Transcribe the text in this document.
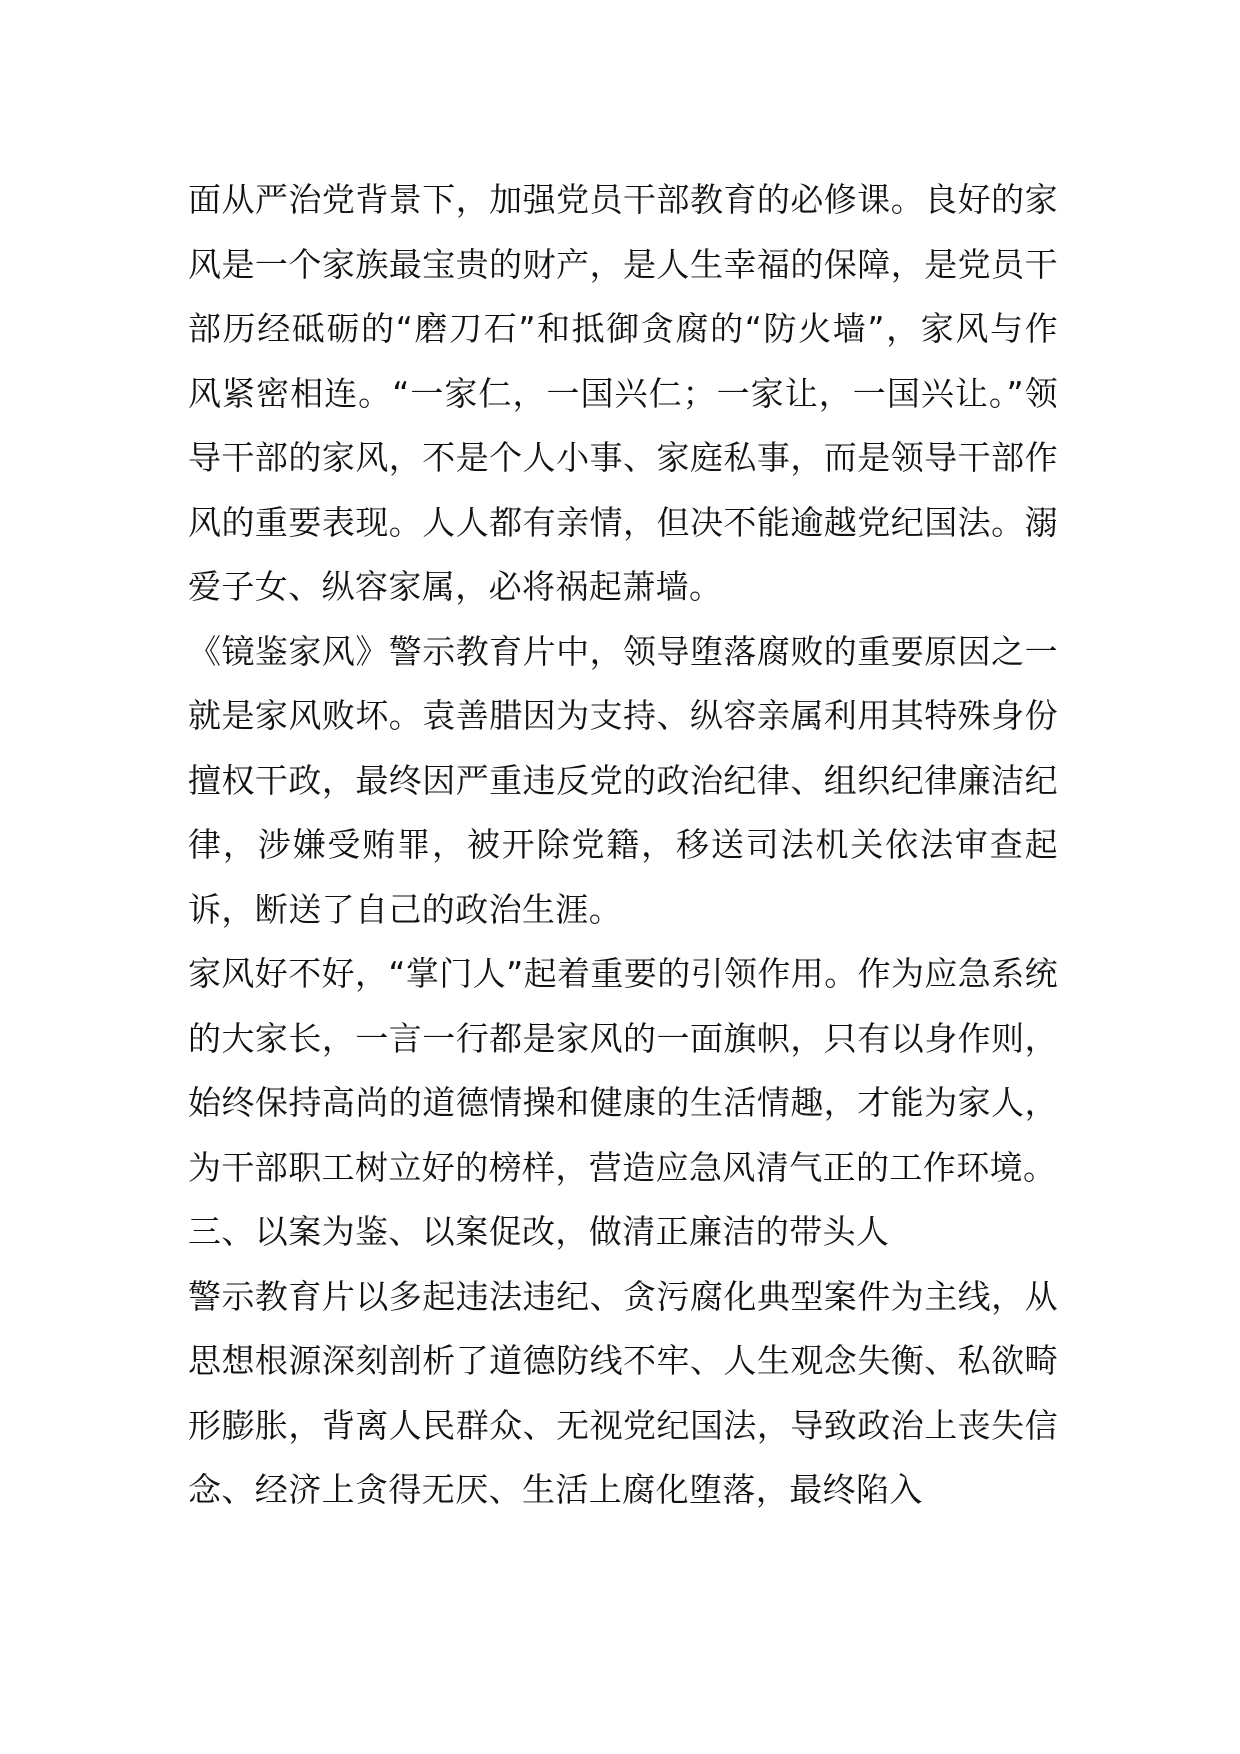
面从严治党背景下，加强党员干部教育的必修课。良好的家风是一个家族最宝贵的财产，是人生幸福的保障，是党员干部历经砥砺的“磨刀石”和抵御贪腐的“防火墙”，家风与作风紧密相连。“一家仁，一国兴仁；一家让，一国兴让。”领导干部的家风，不是个人小事、家庭私事，而是领导干部作风的重要表现。人人都有亲情，但决不能逾越党纪国法。溺爱子女、纵容家属，必将祸起萧墙。

《镜鉴家风》警示教育片中，领导堕落腐败的重要原因之一就是家风败坏。袁善腊因为支持、纵容亲属利用其特殊身份擅权干政，最终因严重违反党的政治纪律、组织纪律廉洁纪律，涉嫌受贿罪，被开除党籍，移送司法机关依法审查起诉，断送了自己的政治生涯。

家风好不好，“掌门人”起着重要的引领作用。作为应急系统的大家长，一言一行都是家风的一面旗帜，只有以身作则，始终保持高尚的道德情操和健康的生活情趣，才能为家人，为干部职工树立好的榜样，营造应急风清气正的工作环境。

三、以案为鉴、以案促改，做清正廉洁的带头人

警示教育片以多起违法违纪、贪污腐化典型案件为主线，从思想根源深刻剖析了道德防线不牢、人生观念失衡、私欲畸形膨胀，背离人民群众、无视党纪国法，导致政治上丧失信念、经济上贪得无厌、生活上腐化堕落，最终陷入
